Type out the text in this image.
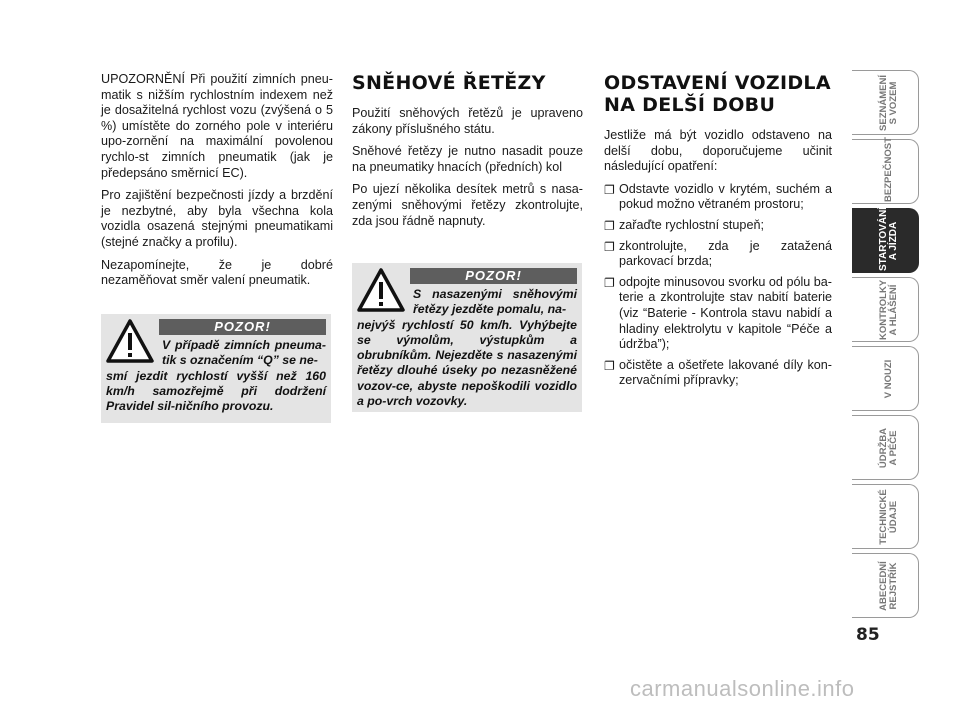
UPOZORNĚNÍ Při použití zimních pneu-matik s nižším rychlostním indexem než je dosažitelná rychlost vozu (zvýšená o 5 %) umístěte do zorného pole v interiéru upo-zornění na maximální povolenou rychlo-st zimních pneumatik (jak je předepsáno směrnicí EC).

Pro zajištění bezpečnosti jízdy a brzdění je nezbytné, aby byla všechna kola vozidla osazená stejnými pneumatikami (stejné značky a profilu).

Nezapomínejte, že je dobré nezaměňovat směr valení pneumatik.

POZOR!
V případě zimních pneuma-tik s označením “Q” se ne-
smí jezdit rychlostí vyšší než 160 km/h samozřejmě při dodržení Pravidel sil-ničního provozu.
SNĚHOVÉ ŘETĚZY

Použití sněhových řetězů je upraveno zákony příslušného státu.

Sněhové řetězy je nutno nasadit pouze na pneumatiky hnacích (předních) kol

Po ujezí několika desítek metrů s nasa-zenými sněhovými řetězy zkontrolujte, zda jsou řádně napnuty.

POZOR!
S nasazenými sněhovými řetězy jezděte pomalu, na-
nejvýš rychlostí 50 km/h. Vyhýbejte se výmolům, výstupkům a obrubníkům. Nejezděte s nasazenými řetězy dlouhé úseky po nezasněžené vozov-ce, abyste nepoškodili vozidlo a po-vrch vozovky.
ODSTAVENÍ VOZIDLA
NA DELŠÍ DOBU

Jestliže má být vozidlo odstaveno na delší dobu, doporučujeme učinit následující opatření:

❐ Odstavte vozidlo v krytém, suchém a pokud možno větraném prostoru;
❐ zařaďte rychlostní stupeň;
❐ zkontrolujte, zda je zatažená parkovací brzda;
❐ odpojte minusovou svorku od pólu ba-terie a zkontrolujte stav nabití baterie (viz “Baterie - Kontrola stavu nabidí a hladiny elektrolytu v kapitole “Péče a údržba”);
❐ očistěte a ošetřete lakované díly kon-zervačními přípravky;
SEZNÁMENÍ
S VOZEM
BEZPEČNOST
STARTOVÁNÍ
A JÍZDA
KONTROLKY
A HLÁŠENÍ
V NOUZI
ÚDRŽBA
A PÉČE
TECHNICKÉ
ÚDAJE
ABECEDNÍ
REJSTŘÍK
85
carmanualsonline.info
